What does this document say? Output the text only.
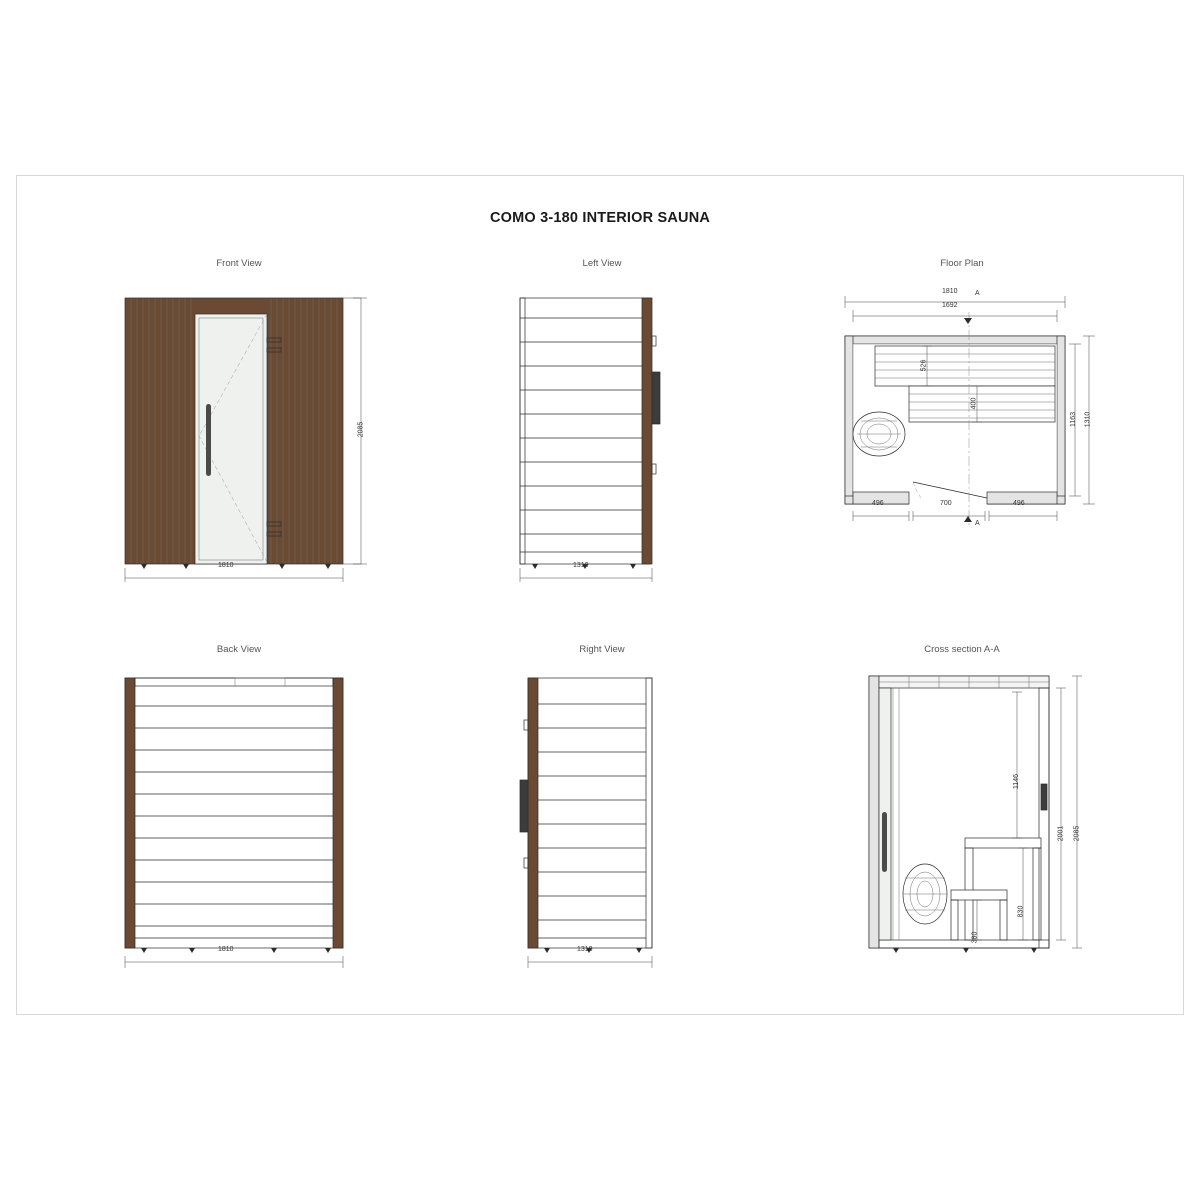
COMO 3-180 INTERIOR SAUNA
Front View
1810
2085
Left View
1310
Floor Plan
1810
1692
1163 1310
526
400
496	700	496
A
A
Back View
1810
Right View
1310
Cross section A-A
1146
2001 2085
830
380
